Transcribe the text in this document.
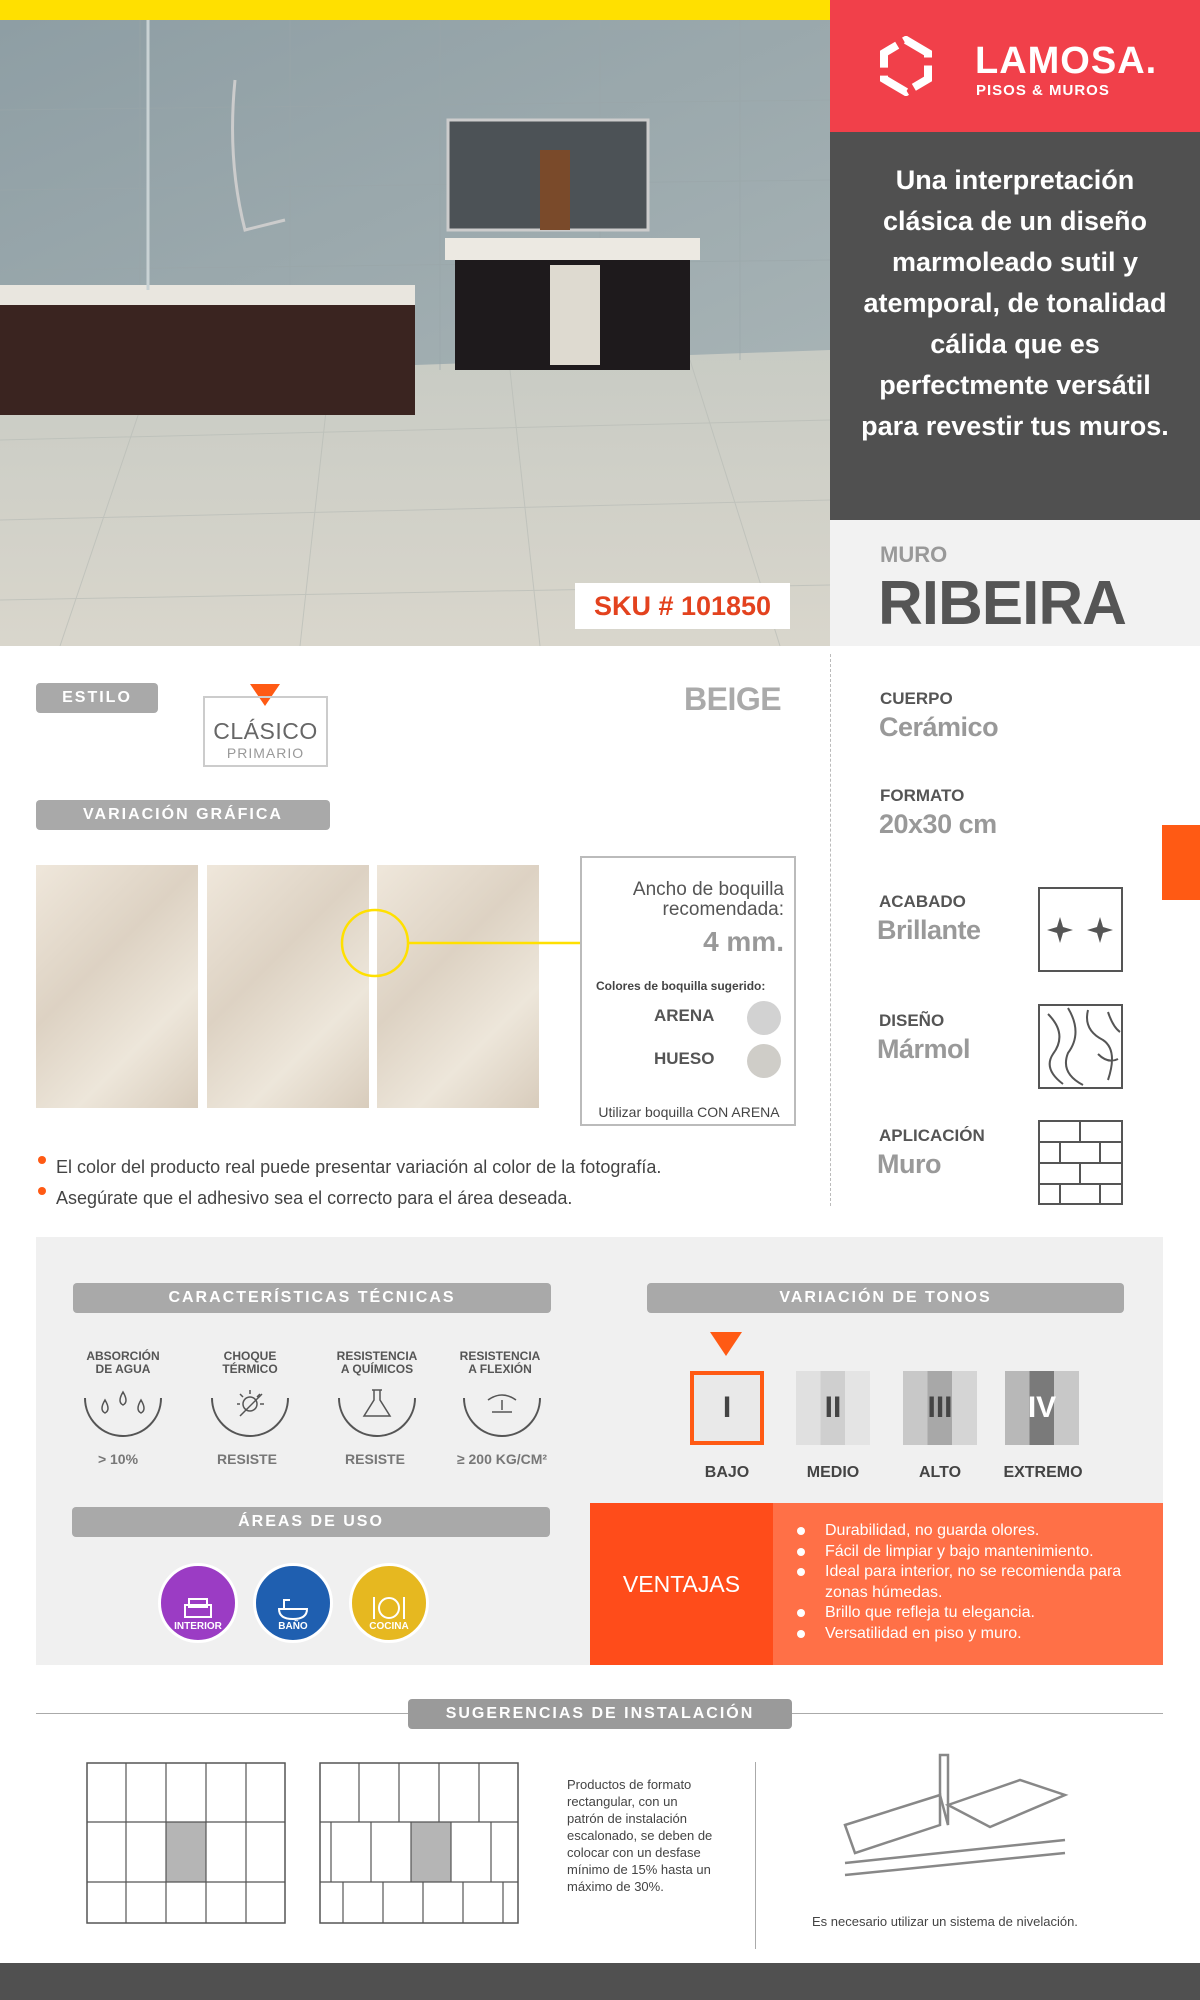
SKU # 101850
LAMOSA.
PISOS & MUROS
Una interpretación clásica de un diseño marmoleado sutil y atemporal, de tonalidad cálida que es perfectmente versátil para revestir tus muros.
MURO
RIBEIRA
ESTILO
CLÁSICO
PRIMARIO
BEIGE
VARIACIÓN GRÁFICA
Ancho de boquilla recomendada:
4 mm.
Colores de boquilla sugerido:
ARENA
HUESO
Utilizar boquilla CON ARENA
El color del producto real puede presentar variación al color de la fotografía.
Asegúrate que el adhesivo sea el correcto para el área deseada.
CUERPO
Cerámico
FORMATO
20x30 cm
ACABADO
Brillante
DISEÑO
Mármol
APLICACIÓN
Muro
CARACTERÍSTICAS TÉCNICAS
ABSORCIÓN
DE AGUA
> 10%
CHOQUE
TÉRMICO
RESISTE
RESISTENCIA
A QUÍMICOS
RESISTE
RESISTENCIA
A FLEXIÓN
≥ 200 KG/CM²
VARIACIÓN DE TONOS
I
BAJO
II
MEDIO
III
ALTO
IV
EXTREMO
ÁREAS DE USO
INTERIOR	BAÑO	COCINA
VENTAJAS
Durabilidad, no guarda olores.
Fácil de limpiar y bajo mantenimiento.
Ideal para interior, no se recomienda para zonas húmedas.
Brillo que refleja tu elegancia.
Versatilidad en piso y muro.
SUGERENCIAS DE INSTALACIÓN
Productos de formato rectangular, con un patrón de instalación escalonado, se deben de colocar con un desfase mínimo de 15% hasta un máximo de 30%.
Es necesario utilizar un sistema de nivelación.
